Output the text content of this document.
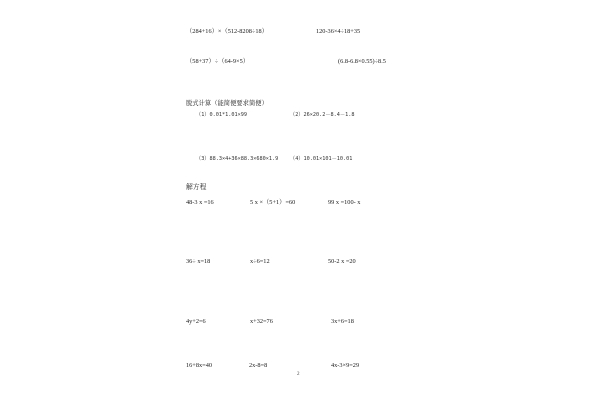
（284+16）×（512-8208÷18）	120-36×4÷18+35
（58+37）÷（64-9×5）	(6.8-6.8×0.55)÷8.5
脱式计算（能简便要求简便）
（1）0.01*1.01×99	（2）26×20.2－8.4－1.8
（3）88.3×4+36×88.3×680×1.9 （4）10.01×101－10.01
解方程
48-3 x =16	5 x ×（5+1）=60	99 x =100- x
36÷ x=18	x÷6=12	50-2 x =20
4y+2=6	x+32=76	3x+6=18
16+8x=40	2x-8=8	4x-3×9=29
2
